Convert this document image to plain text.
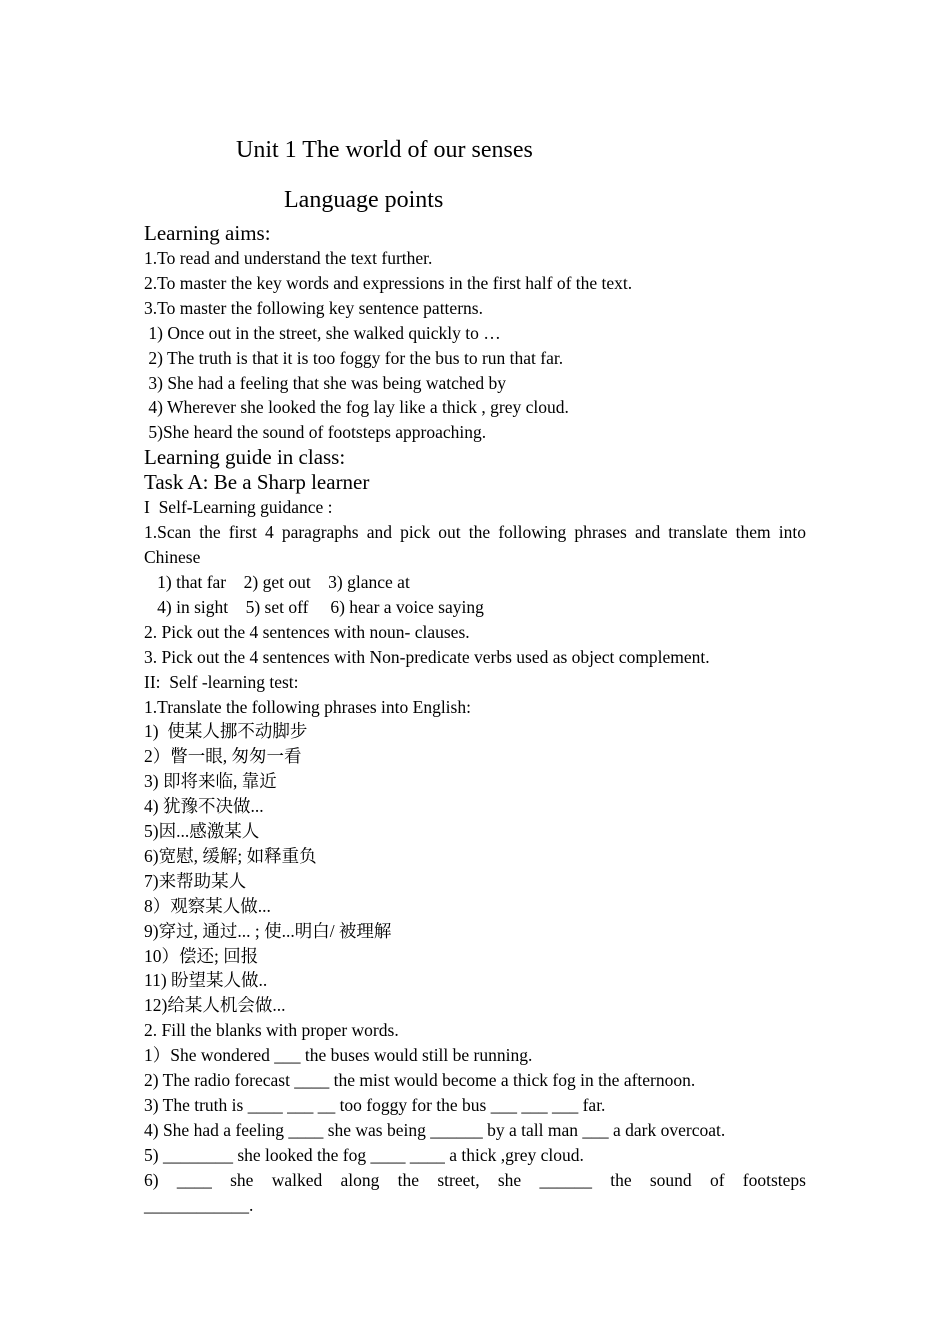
Unit 1 The world of our senses
Language points
Learning aims:
1.To read and understand the text further.
2.To master the key words and expressions in the first half of the text.
3.To master the following key sentence patterns.
1) Once out in the street, she walked quickly to …
2) The truth is that it is too foggy for the bus to run that far.
3) She had a feeling that she was being watched by
4) Wherever she looked the fog lay like a thick , grey cloud.
5)She heard the sound of footsteps approaching.
Learning guide in class:
Task A: Be a Sharp learner
I  Self-Learning guidance :
1.Scan the first 4 paragraphs and pick out the following phrases and translate them into Chinese
1) that far    2) get out    3) glance at
4) in sight    5) set off     6) hear a voice saying
2. Pick out the 4 sentences with noun- clauses.
3. Pick out the 4 sentences with Non-predicate verbs used as object complement.
II:  Self -learning test:
1.Translate the following phrases into English:
1)  使某人挪不动脚步
2）瞥一眼, 匆匆一看
3) 即将来临, 靠近
4) 犹豫不决做...
5)因...感激某人
6)宽慰, 缓解; 如释重负
7)来帮助某人
8）观察某人做...
9)穿过, 通过... ; 使...明白/ 被理解
10）偿还; 回报
11) 盼望某人做..
12)给某人机会做...
2. Fill the blanks with proper words.
1）She wondered ___ the buses would still be running.
2) The radio forecast ____ the mist would become a thick fog in the afternoon.
3) The truth is ____ ___ __ too foggy for the bus ___ ___ ___ far.
4) She had a feeling ____ she was being ______ by a tall man ___ a dark overcoat.
5) ________ she looked the fog ____ ____ a thick ,grey cloud.
6) ____ she walked along the street, she ______ the sound of footsteps
____________.
